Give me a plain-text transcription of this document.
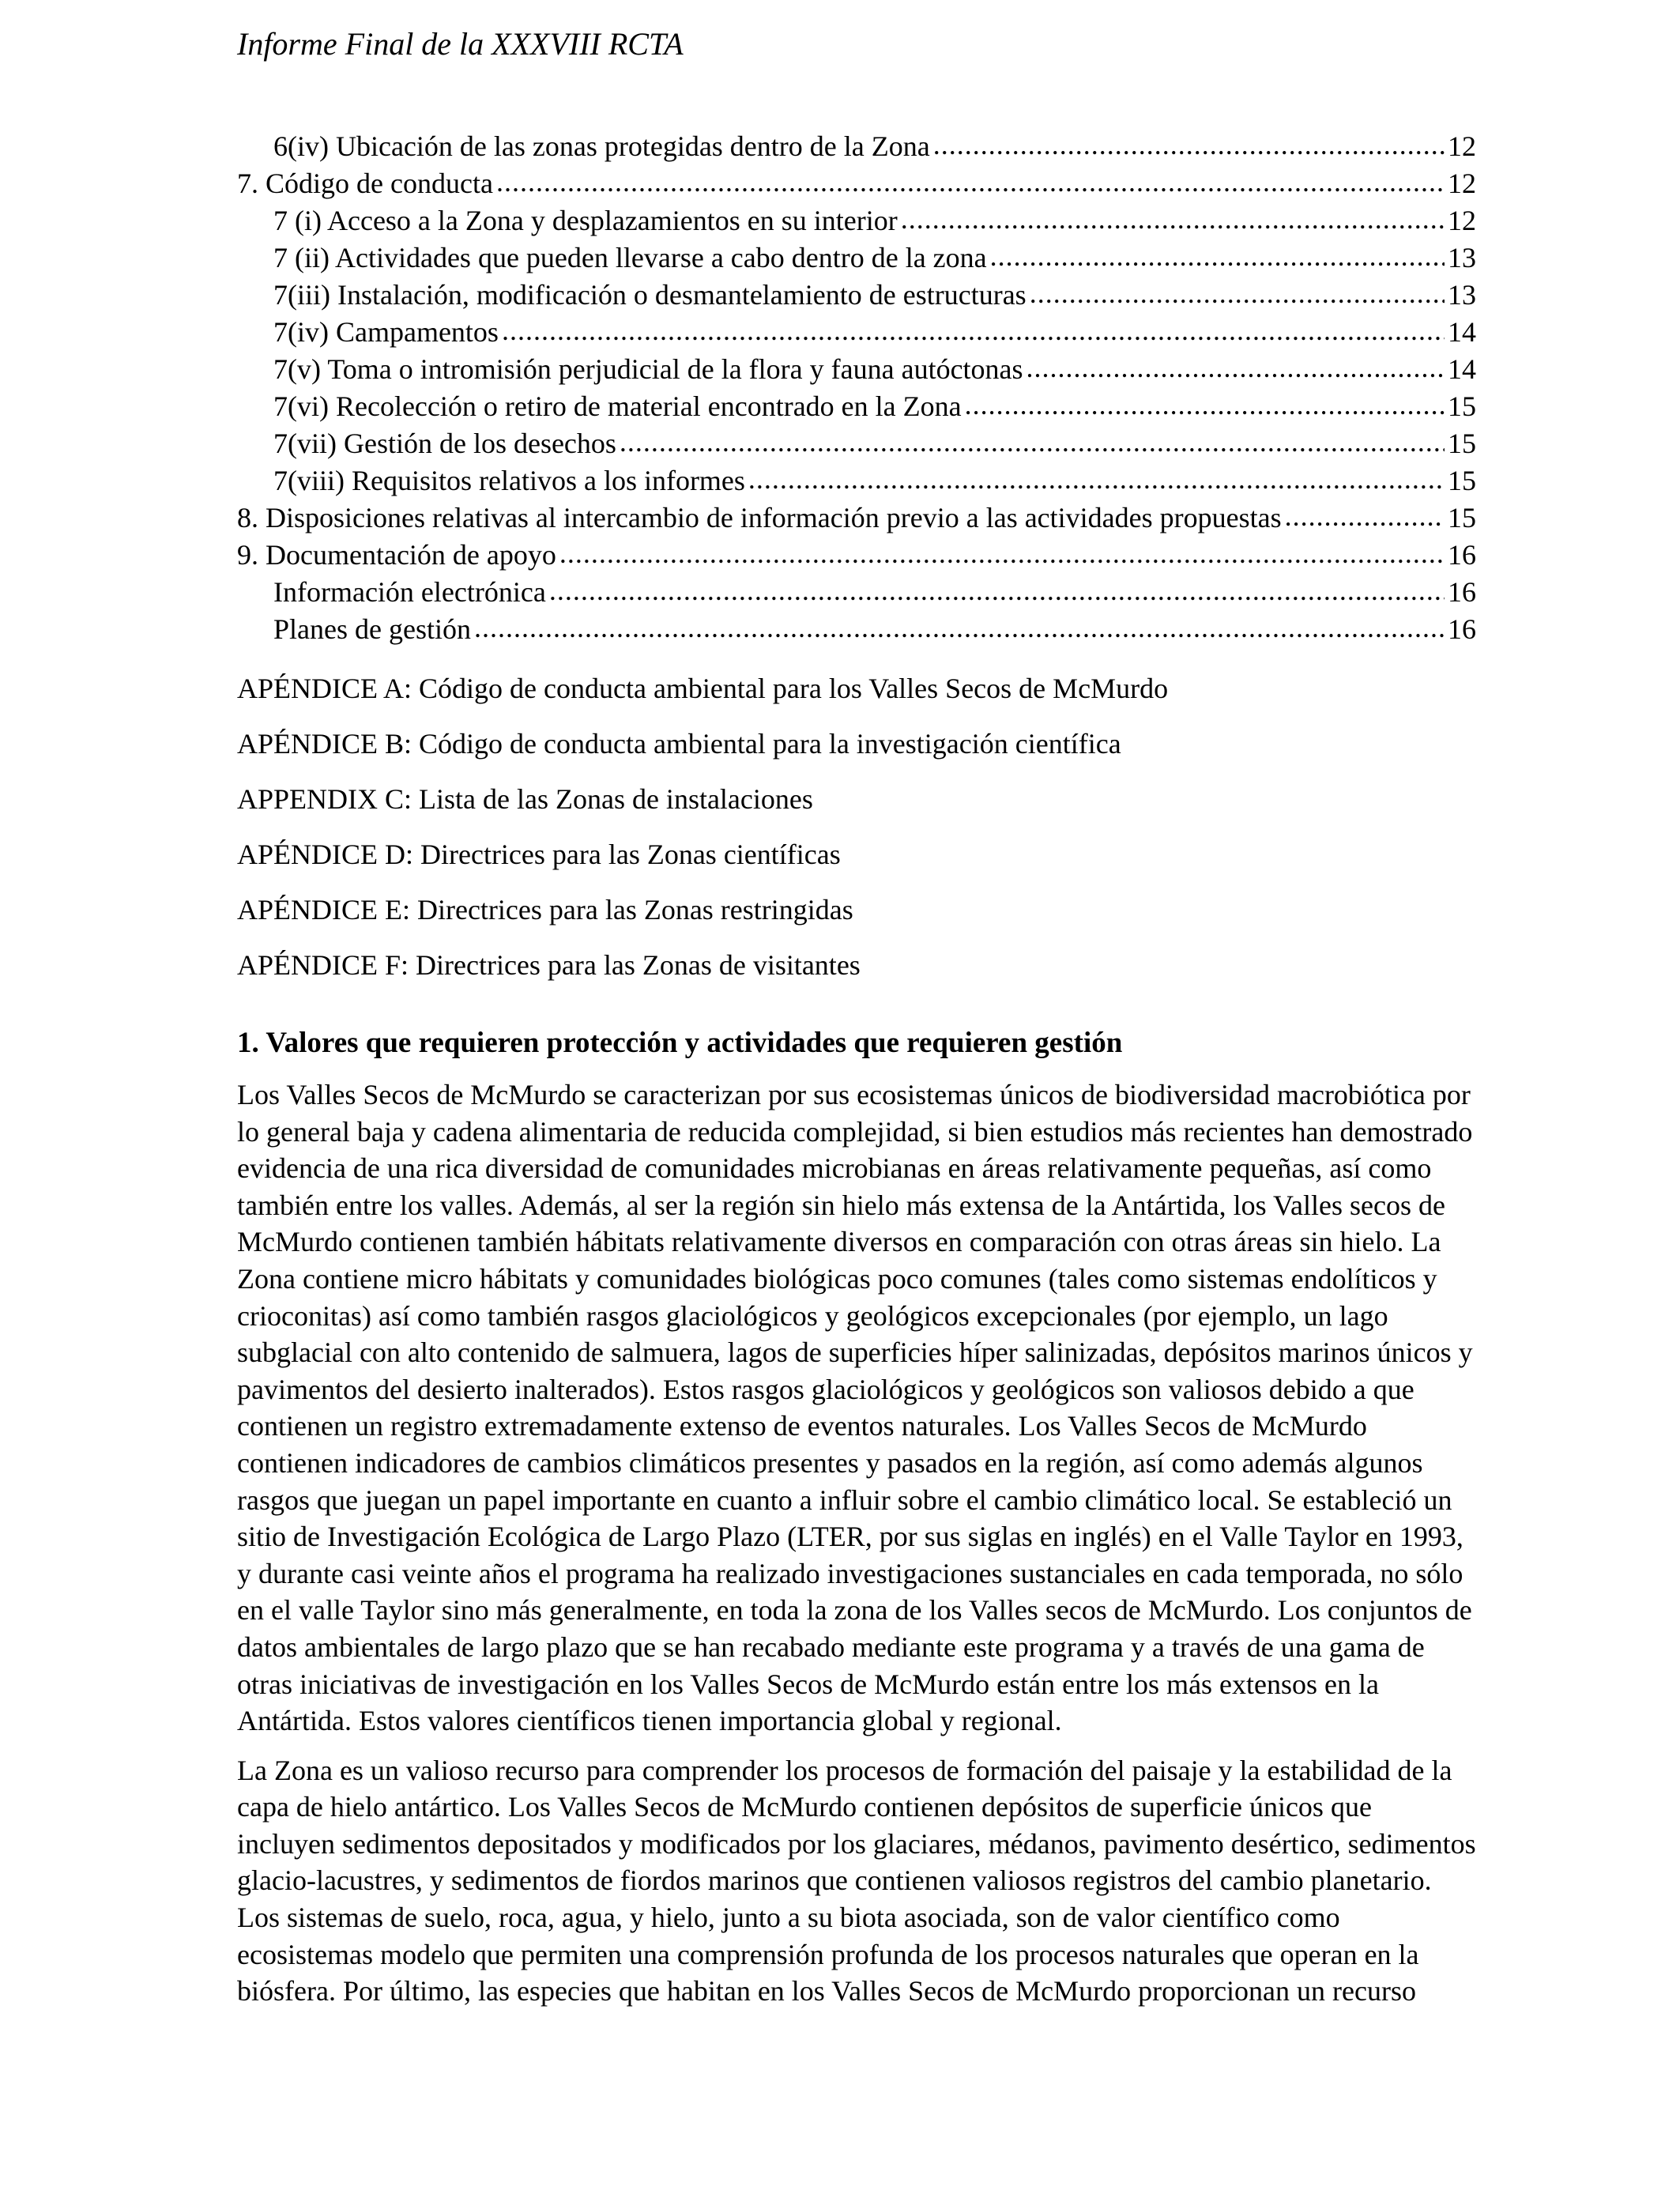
Informe Final de la XXXVIII RCTA
6(iv) Ubicación de las zonas protegidas dentro de la Zona .....	12
7. Código de conducta .....	12
7 (i) Acceso a la Zona y desplazamientos en su interior .....	12
7 (ii) Actividades que pueden llevarse a cabo dentro de la zona .....	13
7(iii) Instalación, modificación o desmantelamiento de estructuras .....	13
7(iv) Campamentos .....	14
7(v) Toma o intromisión perjudicial de la flora y fauna autóctonas .....	14
7(vi) Recolección o retiro de material encontrado en la Zona .....	15
7(vii) Gestión de los desechos .....	15
7(viii) Requisitos relativos a los informes .....	15
8. Disposiciones relativas al intercambio de información previo a las actividades propuestas .....	15
9. Documentación de apoyo .....	16
Información electrónica .....	16
Planes de gestión .....	16
APÉNDICE A: Código de conducta ambiental para los Valles Secos de McMurdo
APÉNDICE B: Código de conducta ambiental para la investigación científica
APPENDIX C: Lista de las Zonas de instalaciones
APÉNDICE D: Directrices para las Zonas científicas
APÉNDICE E: Directrices para las Zonas restringidas
APÉNDICE F: Directrices para las Zonas de visitantes
1. Valores que requieren protección y actividades que requieren gestión

Los Valles Secos de McMurdo se caracterizan por sus ecosistemas únicos de biodiversidad macrobiótica por lo general baja y cadena alimentaria de reducida complejidad, si bien estudios más recientes han demostrado evidencia de una rica diversidad de comunidades microbianas en áreas relativamente pequeñas, así como también entre los valles. Además, al ser la región sin hielo más extensa de la Antártida, los Valles secos de McMurdo contienen también hábitats relativamente diversos en comparación con otras áreas sin hielo. La Zona contiene micro hábitats y comunidades biológicas poco comunes (tales como sistemas endolíticos y crioconitas) así como también rasgos glaciológicos y geológicos excepcionales (por ejemplo, un lago subglacial con alto contenido de salmuera, lagos de superficies híper salinizadas, depósitos marinos únicos y pavimentos del desierto inalterados). Estos rasgos glaciológicos y geológicos son valiosos debido a que contienen un registro extremadamente extenso de eventos naturales. Los Valles Secos de McMurdo contienen indicadores de cambios climáticos presentes y pasados en la región, así como además algunos rasgos que juegan un papel importante en cuanto a influir sobre el cambio climático local. Se estableció un sitio de Investigación Ecológica de Largo Plazo (LTER, por sus siglas en inglés) en el Valle Taylor en 1993, y durante casi veinte años el programa ha realizado investigaciones sustanciales en cada temporada, no sólo en el valle Taylor sino más generalmente, en toda la zona de los Valles secos de McMurdo. Los conjuntos de datos ambientales de largo plazo que se han recabado mediante este programa y a través de una gama de otras iniciativas de investigación en los Valles Secos de McMurdo están entre los más extensos en la Antártida. Estos valores científicos tienen importancia global y regional.

La Zona es un valioso recurso para comprender los procesos de formación del paisaje y la estabilidad de la capa de hielo antártico. Los Valles Secos de McMurdo contienen depósitos de superficie únicos que incluyen sedimentos depositados y modificados por los glaciares, médanos, pavimento desértico, sedimentos glacio-lacustres, y sedimentos de fiordos marinos que contienen valiosos registros del cambio planetario. Los sistemas de suelo, roca, agua, y hielo, junto a su biota asociada, son de valor científico como ecosistemas modelo que permiten una comprensión profunda de los procesos naturales que operan en la biósfera. Por último, las especies que habitan en los Valles Secos de McMurdo proporcionan un recurso
